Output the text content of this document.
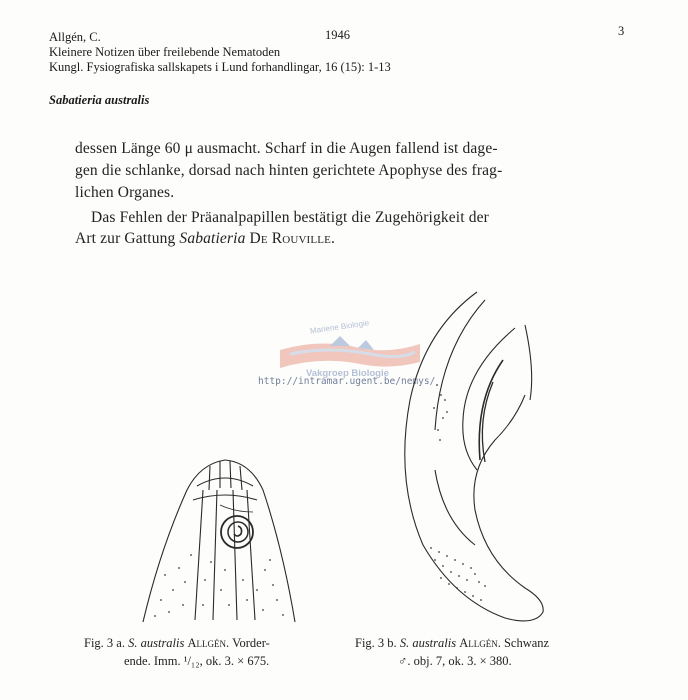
Allgén, C.	1946	3
Kleinere Notizen über freilebende Nematoden
Kungl. Fysiografiska sallskapets i Lund forhandlingar, 16 (15): 1-13
Sabatieria australis
dessen Länge 60 μ ausmacht. Scharf in die Augen fallend ist dage-
gen die schlanke, dorsad nach hinten gerichtete Apophyse des frag-
lichen Organes.
Das Fehlen der Präanalpapillen bestätigt die Zugehörigkeit der
Art zur Gattung Sabatieria De Rouville.
Mariene Biologie
Vakgroep Biologie
http://intramar.ugent.be/nemys/
Fig. 3 a. S. australis Allgén. Vorder-
ende. Imm. ¹/₁₂, ok. 3. × 675.
Fig. 3 b. S. australis Allgén. Schwanz
♂. obj. 7, ok. 3. × 380.
